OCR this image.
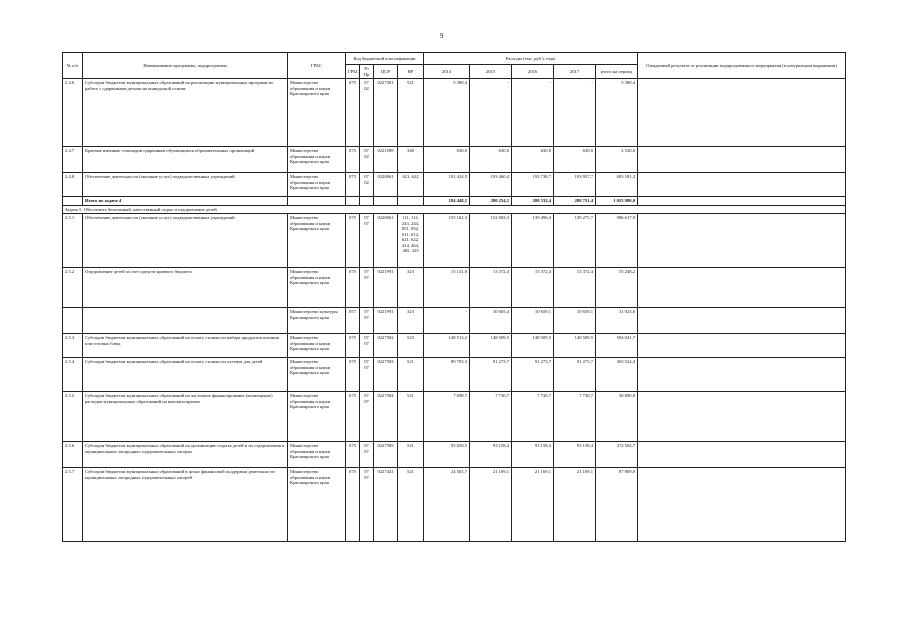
9
№ п/п	Наименование программы, подпрограммы	ГРБС	Код бюджетной классификации				Расходы (тыс. руб.), годы					Ожидаемый результат от реализации подпрограммного мероприятия (в натуральном выражении)
			ГРБС	Рз Пр	ЦСР	ВР	2014	2015	2016	2017	итого на период	
2.4.6	Субсидии бюджетам муниципальных образований на реализацию муниципальных программ по работе с одаренными детьми на конкурсной основе	Министерство образования и науки Красноярского края	075	07 02	0227581	521	5 380,4	-	-	-	5 380,4	
2.4.7	Краевые именные стипендии одаренным обучающимся образовательных организаций	Министерство образования и науки Красноярского края	075	07 02	0221589	340	630,0	630,0	630,0	630,0	2 520,0	
2.4.8	Обеспечение деятельности (оказание услуг) подведомственных учреждений	Министерство образования и науки Красноярского края	075	07 02	0220061	621, 622	102 424,5	193 460,4	193 738,7	193 957,7	683 581,3	
	Итого по задаче 4						184 448,1	280 254,1	280 532,4	280 751,4	1 025 986,0	
Задача 5. Обеспечить безопасный, качественный отдых и оздоровление детей												
2.5.1	Обеспечение деятельности (оказание услуг) подведомственных учреждений	Министерство образования и науки Красноярского края	075	07 07	0220061	111, 112, 243, 244, 851, 852, 611, 612, 621, 622, 414, 464, 465, 323	155 162,3	152 683,3	139 496,4	139 275,7	586 617,9	
2.5.2	Оздоровление детей за счет средств краевого бюджета	Министерство образования и науки Красноярского края	075	07 07	0221991	323	15 131,0	13 372,4	13 372,4	13 372,4	55 248,2	
		Министерство культуры Красноярского края	057	07 07	0221991	323	-	10 605,4	10 659,1	10 659,1	31 923,6	
2.5.3	Субсидии бюджетам муниципальных образований на оплату стоимости набора продуктов питания или готовых блюд	Министерство образования и науки Красноярского края	075	07 07	0227582	523	148 513,2	148 509,5	148 509,5	148 509,5	594 041,7	
2.5.4	Субсидии бюджетам муниципальных образований на оплату стоимости путевок для детей	Министерство образования и науки Красноярского края	075	07 07	0227583	521	89 703,3	91 273,7	91 273,7	91 273,7	363 524,4	
2.5.5	Субсидии бюджетам муниципальных образований на частичное финансирование (возмещение) расходов муниципальных образований на выплаты врачам	Министерство образования и науки Красноярского края	075	07 07	0227584	521	7 698,7	7 730,7	7 730,7	7 730,7	30 890,8	
2.5.6	Субсидии бюджетам муниципальных образований на организацию отдыха детей и их оздоровления в муниципальных загородных оздоровительных лагерях	Министерство образования и науки Красноярского края	075	07 07	0227585	521	93 029,5	93 158,4	93 158,4	93 158,4	372 504,7	
2.5.7	Субсидии бюджетам муниципальных образований в целях финансовой поддержки деятельности муниципальных загородных оздоровительных лагерей	Министерство образования и науки Красноярского края	075	07 07	0227441	521	24 301,7	21 169,1	21 169,1	21 169,1	87 809,0	
